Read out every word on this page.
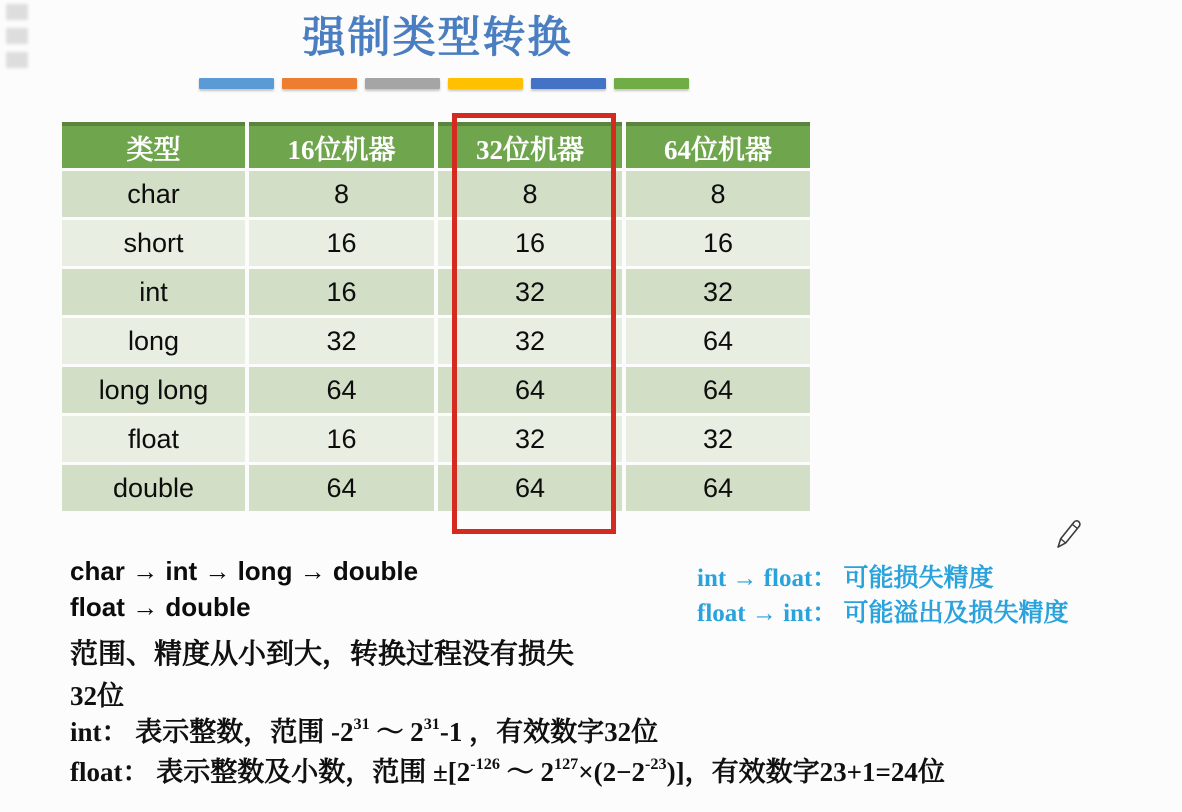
强制类型转换
类型	16位机器	32位机器	64位机器
char	8	8	8
short	16	16	16
int	16	32	32
long	32	32	64
long long	64	64	64
float	16	32	32
double	64	64	64
char → int → long → double
float → double
int → float： 可能损失精度
float → int： 可能溢出及损失精度
范围、精度从小到大，转换过程没有损失
32位
int： 表示整数，范围 $-2^{31}$ ～ $2^{31}-1$ ，有效数字32位
float： 表示整数及小数，范围 $\pm[2^{-126}$ ～ $2^{127}\times(2-2^{-23})$]，有效数字23+1=24位
